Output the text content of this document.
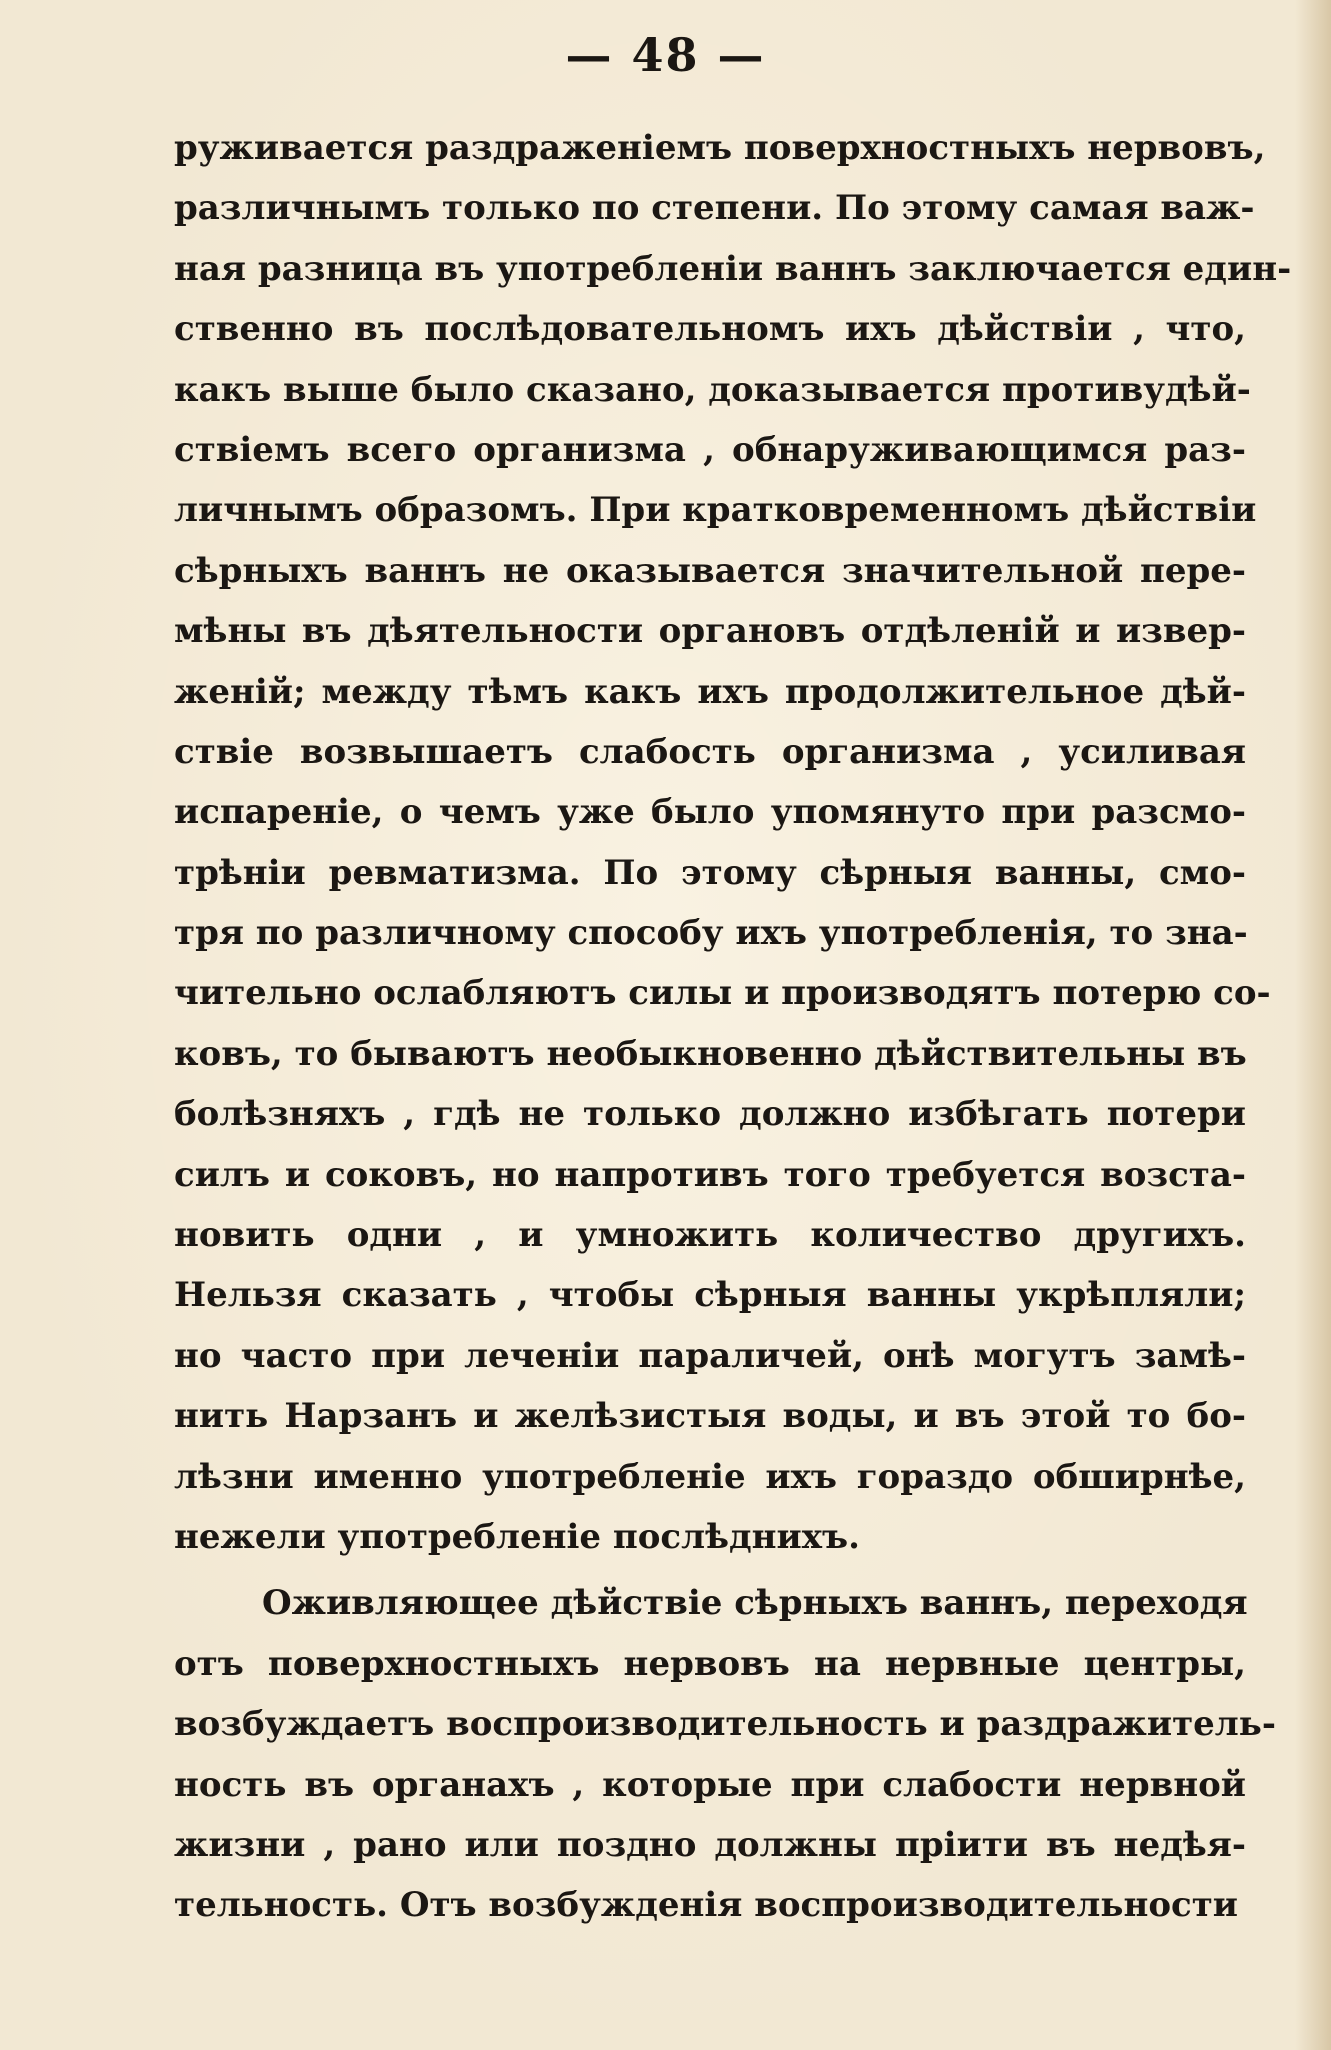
— 48 —
руживается раздраженіемъ поверхностныхъ нервовъ,
различнымъ только по степени. По этому самая важ-
ная разница въ употребленіи ваннъ заключается един-
ственно въ послѣдовательномъ ихъ дѣйствіи , что,
какъ выше было сказано, доказывается противудѣй-
ствіемъ всего организма , обнаруживающимся раз-
личнымъ образомъ. При кратковременномъ дѣйствіи
сѣрныхъ ваннъ не оказывается значительной пере-
мѣны въ дѣятельности органовъ отдѣленій и извер-
женій; между тѣмъ какъ ихъ продолжительное дѣй-
ствіе возвышаетъ слабость организма , усиливая
испареніе, о чемъ уже было упомянуто при разсмо-
трѣніи ревматизма. По этому сѣрныя ванны, смо-
тря по различному способу ихъ употребленія, то зна-
чительно ослабляютъ силы и производятъ потерю со-
ковъ, то бываютъ необыкновенно дѣйствительны въ
болѣзняхъ , гдѣ не только должно избѣгать потери
силъ и соковъ, но напротивъ того требуется возста-
новить одни , и умножить количество другихъ.
Нельзя сказать , чтобы сѣрныя ванны укрѣпляли;
но часто при леченіи параличей, онѣ могутъ замѣ-
нить Нарзанъ и желѣзистыя воды, и въ этой то бо-
лѣзни именно употребленіе ихъ гораздо обширнѣе,
нежели употребленіе послѣднихъ.
Оживляющее дѣйствіе сѣрныхъ ваннъ, переходя
отъ поверхностныхъ нервовъ на нервные центры,
возбуждаетъ воспроизводительность и раздражитель-
ность въ органахъ , которые при слабости нервной
жизни , рано или поздно должны пріити въ недѣя-
тельность. Отъ возбужденія воспроизводительности
